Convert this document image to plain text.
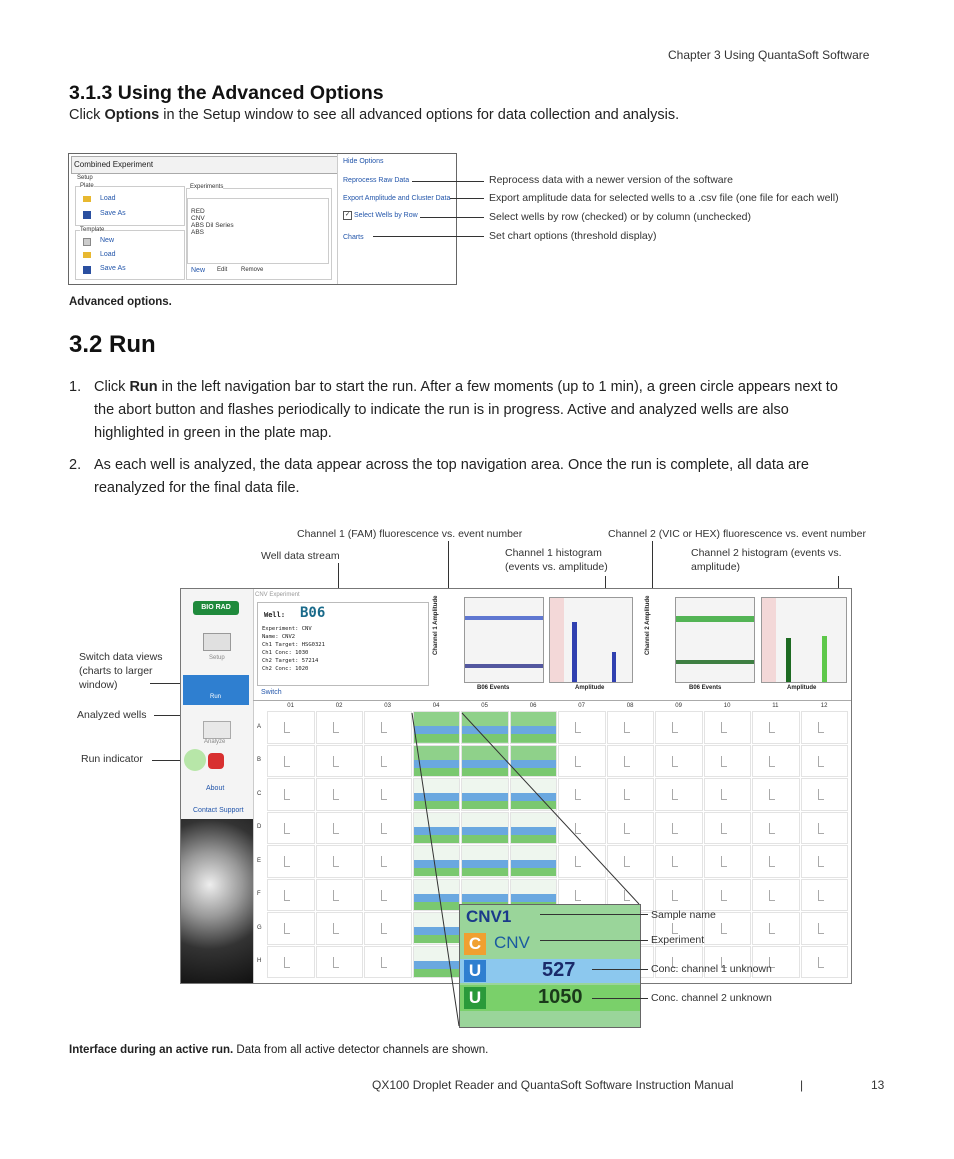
Chapter 3 Using QuantaSoft Software
3.1.3 Using the Advanced Options
Click Options in the Setup window to see all advanced options for data collection and analysis.
Combined Experiment
Setup
Plate
Load
Save As
Template
New
Load
Save As
Experiments
RED
CNV
ABS Dil Series
ABS
New Edit Remove
Hide Options
Reprocess Raw Data
Export Amplitude and Cluster Data
✓ Select Wells by Row
Charts
Reprocess data with a newer version of the software
Export amplitude data for selected wells to a .csv file (one file for each well)
Select wells by row (checked) or by column (unchecked)
Set chart options (threshold display)
Advanced options.
3.2 Run
1. Click Run in the left navigation bar to start the run. After a few moments (up to 1 min), a green circle appears next to the abort button and flashes periodically to indicate the run is in progress. Active and analyzed wells are also highlighted in green in the plate map.
2. As each well is analyzed, the data appear across the top navigation area. Once the run is complete, all data are reanalyzed for the final data file.
Channel 1 (FAM) fluorescence vs. event number	Channel 2 (VIC or HEX) fluorescence vs. event number
Well data stream	Channel 1 histogram (events vs. amplitude)
Channel 2 histogram (events vs. amplitude)
Switch data views (charts to larger window)
Analyzed wells
Run indicator
BIO RAD
Setup
Run
Analyze
About
Contact Support
CNV Experiment
Well: B06
Experiment: CNV
Name: CNV2
Ch1 Target: HSG0321
Ch1 Conc: 1030
Ch2 Target: 57214
Ch2 Conc: 1020
Switch
Channel 1 Amplitude
B06 Events	Amplitude
Channel 2 Amplitude
B06 Events	Amplitude
01	02	03	04	05	06	07	08	09	10	11	12
A
B
C
D
E
F
G
H
CNV1
C CNV
U	527
U	1050
Sample name
Experiment
Conc. channel 1 unknown
Conc. channel 2 unknown
Interface during an active run. Data from all active detector channels are shown.
QX100 Droplet Reader and QuantaSoft Software Instruction Manual	|	13
